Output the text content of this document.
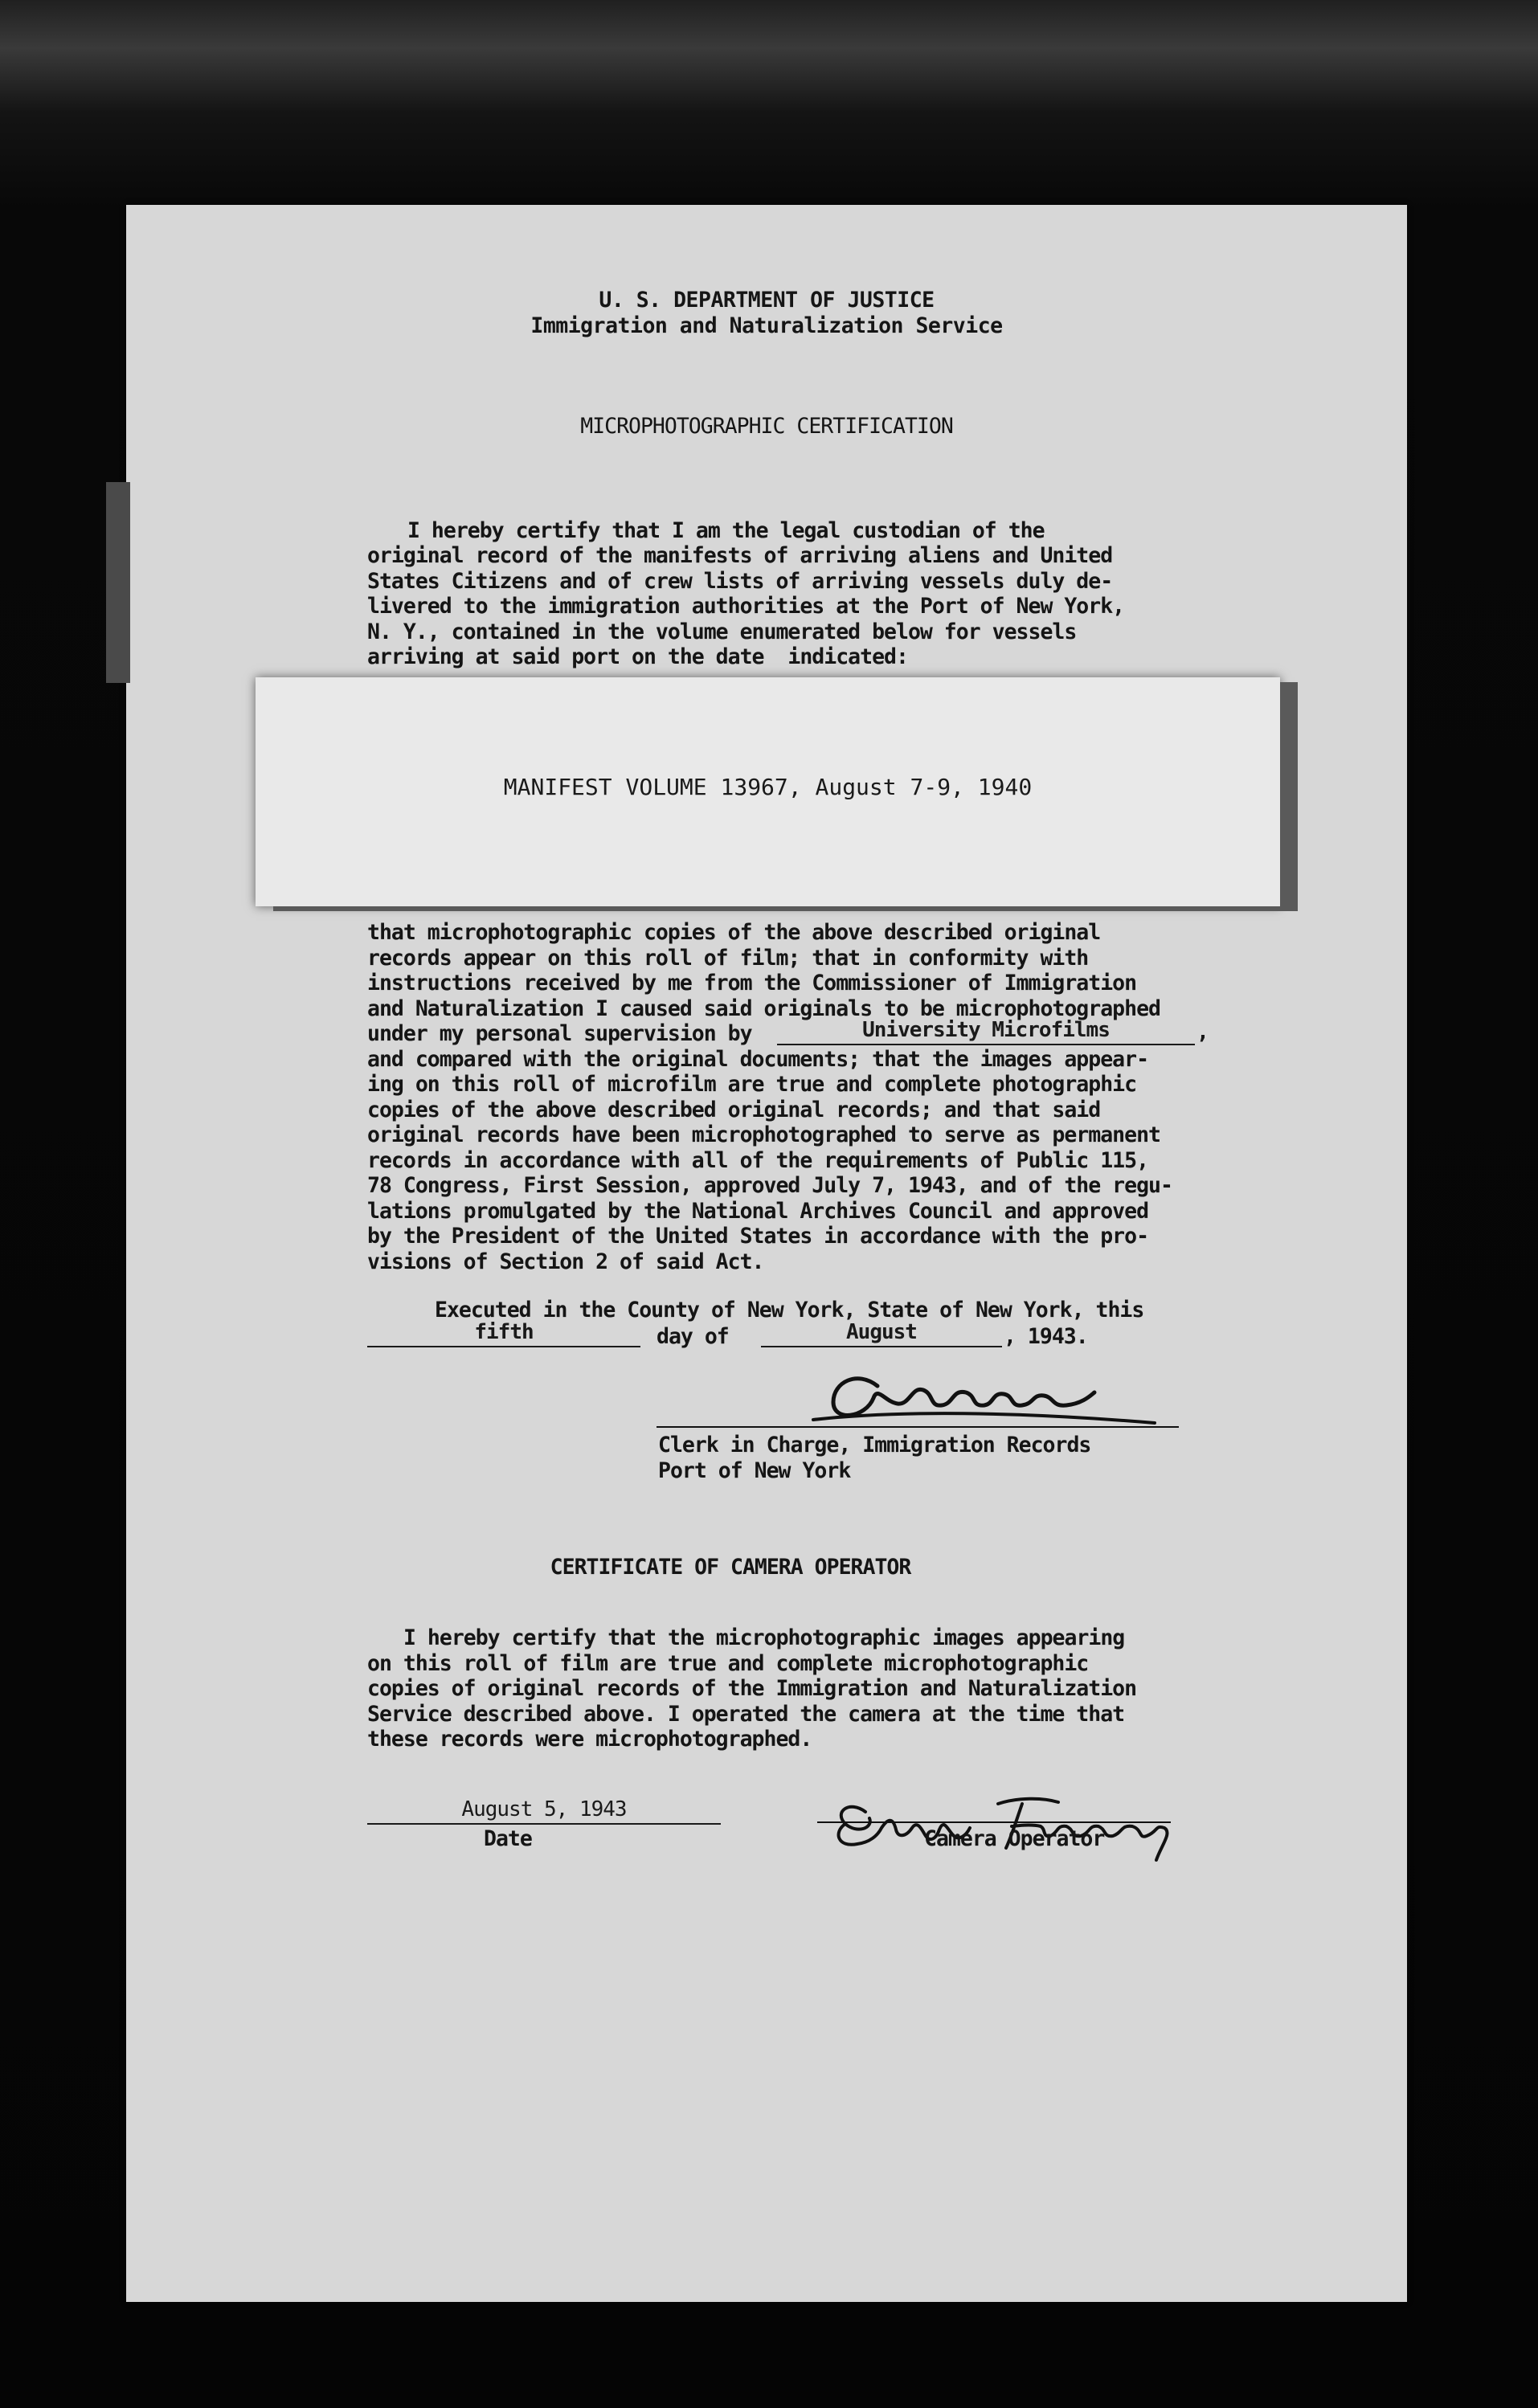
U. S. DEPARTMENT OF JUSTICE
Immigration and Naturalization Service
MICROPHOTOGRAPHIC CERTIFICATION
I hereby certify that I am the legal custodian of the
original record of the manifests of arriving aliens and United
States Citizens and of crew lists of arriving vessels duly de-
livered to the immigration authorities at the Port of New York,
N. Y., contained in the volume enumerated below for vessels
arriving at said port on the date  indicated:
that microphotographic copies of the above described original
records appear on this roll of film; that in conformity with
instructions received by me from the Commissioner of Immigration
and Naturalization I caused said originals to be microphotographed
under my personal supervision by
and compared with the original documents; that the images appear-
ing on this roll of microfilm are true and complete photographic
copies of the above described original records; and that said
original records have been microphotographed to serve as permanent
records in accordance with all of the requirements of Public 115,
78 Congress, First Session, approved July 7, 1943, and of the regu-
lations promulgated by the National Archives Council and approved
by the President of the United States in accordance with the pro-
visions of Section 2 of said Act.
University Microfilms	,
Executed in the County of New York, State of New York, this
fifth	day of	August	, 1943.
Clerk in Charge, Immigration Records
Port of New York
CERTIFICATE OF CAMERA OPERATOR
I hereby certify that the microphotographic images appearing
on this roll of film are true and complete microphotographic
copies of original records of the Immigration and Naturalization
Service described above. I operated the camera at the time that
these records were microphotographed.
August 5, 1943
Date	Camera Operator
MANIFEST VOLUME 13967, August 7-9, 1940
